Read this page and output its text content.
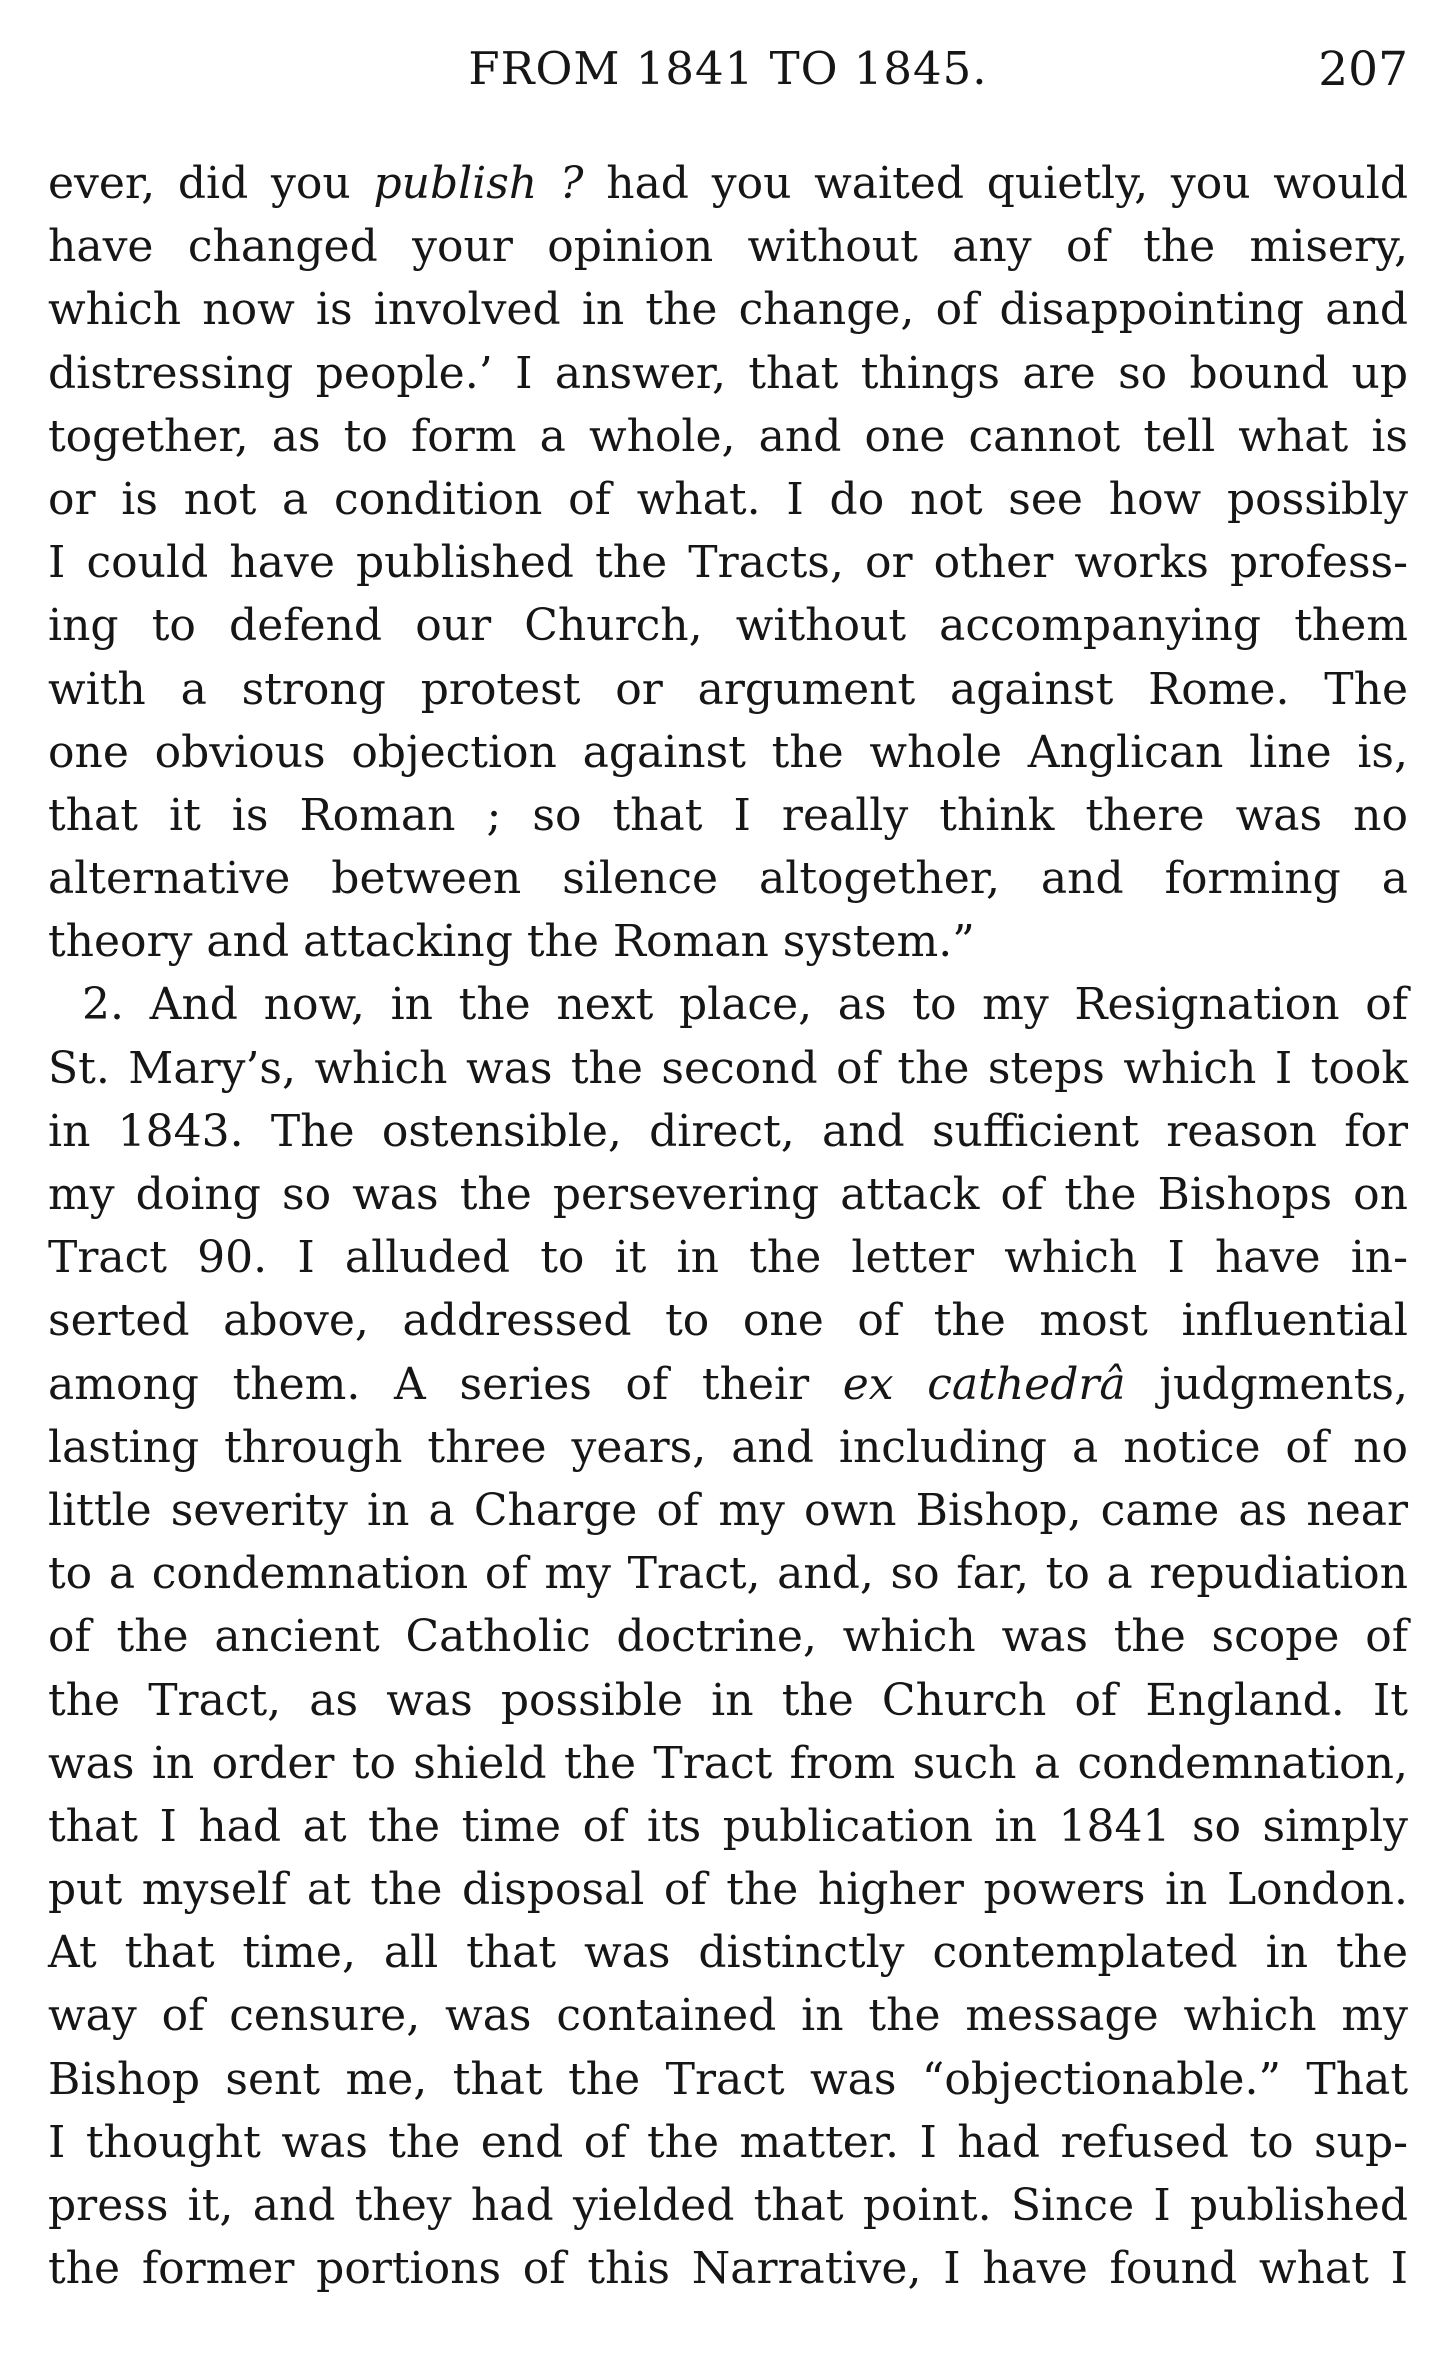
FROM 1841 TO 1845.	207
ever, did you publish ? had you waited quietly, you would
have changed your opinion without any of the misery,
which now is involved in the change, of disappointing and
distressing people.’ I answer, that things are so bound up
together, as to form a whole, and one cannot tell what is
or is not a condition of what. I do not see how possibly
I could have published the Tracts, or other works profess-
ing to defend our Church, without accompanying them
with a strong protest or argument against Rome. The
one obvious objection against the whole Anglican line is,
that it is Roman ; so that I really think there was no
alternative between silence altogether, and forming a
theory and attacking the Roman system.”
2. And now, in the next place, as to my Resignation of
St. Mary’s, which was the second of the steps which I took
in 1843. The ostensible, direct, and sufficient reason for
my doing so was the persevering attack of the Bishops on
Tract 90. I alluded to it in the letter which I have in-
serted above, addressed to one of the most influential
among them. A series of their ex cathedrâ judgments,
lasting through three years, and including a notice of no
little severity in a Charge of my own Bishop, came as near
to a condemnation of my Tract, and, so far, to a repudiation
of the ancient Catholic doctrine, which was the scope of
the Tract, as was possible in the Church of England. It
was in order to shield the Tract from such a condemnation,
that I had at the time of its publication in 1841 so simply
put myself at the disposal of the higher powers in London.
At that time, all that was distinctly contemplated in the
way of censure, was contained in the message which my
Bishop sent me, that the Tract was “objectionable.” That
I thought was the end of the matter. I had refused to sup-
press it, and they had yielded that point. Since I published
the former portions of this Narrative, I have found what I
